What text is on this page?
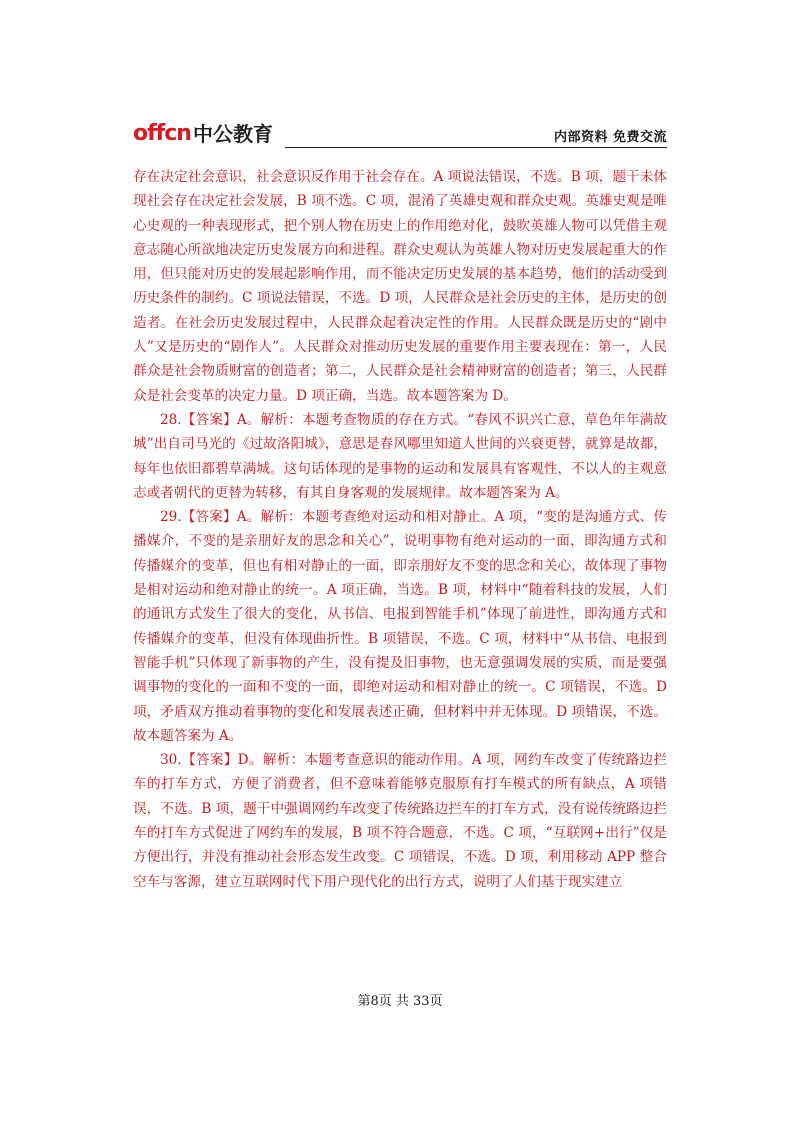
offcn 中公教育	内部资料 免费交流

存在决定社会意识，社会意识反作用于社会存在。A 项说法错误，不选。B 项，题干未体现社会存在决定社会发展，B 项不选。C 项，混淆了英雄史观和群众史观。英雄史观是唯心史观的一种表现形式，把个别人物在历史上的作用绝对化，鼓吹英雄人物可以凭借主观意志随心所欲地决定历史发展方向和进程。群众史观认为英雄人物对历史发展起重大的作用，但只能对历史的发展起影响作用，而不能决定历史发展的基本趋势，他们的活动受到历史条件的制约。C 项说法错误，不选。D 项，人民群众是社会历史的主体，是历史的创造者。在社会历史发展过程中，人民群众起着决定性的作用。人民群众既是历史的“剧中人”又是历史的“剧作人”。人民群众对推动历史发展的重要作用主要表现在：第一，人民群众是社会物质财富的创造者；第二，人民群众是社会精神财富的创造者；第三，人民群众是社会变革的决定力量。D 项正确，当选。故本题答案为 D。

28.【答案】A。解析：本题考查物质的存在方式。“春风不识兴亡意，草色年年满故城”出自司马光的《过故洛阳城》，意思是春风哪里知道人世间的兴衰更替，就算是故都，每年也依旧都碧草满城。这句话体现的是事物的运动和发展具有客观性，不以人的主观意志或者朝代的更替为转移，有其自身客观的发展规律。故本题答案为 A。

29.【答案】A。解析：本题考查绝对运动和相对静止。A 项，“变的是沟通方式、传播媒介，不变的是亲朋好友的思念和关心”，说明事物有绝对运动的一面，即沟通方式和传播媒介的变革，但也有相对静止的一面，即亲朋好友不变的思念和关心，故体现了事物是相对运动和绝对静止的统一。A 项正确，当选。B 项，材料中“随着科技的发展，人们的通讯方式发生了很大的变化，从书信、电报到智能手机”体现了前进性，即沟通方式和传播媒介的变革，但没有体现曲折性。B 项错误，不选。C 项，材料中“从书信、电报到智能手机”只体现了新事物的产生，没有提及旧事物，也无意强调发展的实质，而是要强调事物的变化的一面和不变的一面，即绝对运动和相对静止的统一。C 项错误，不选。D 项，矛盾双方推动着事物的变化和发展表述正确，但材料中并无体现。D 项错误，不选。故本题答案为 A。

30.【答案】D。解析：本题考查意识的能动作用。A 项，网约车改变了传统路边拦车的打车方式，方便了消费者，但不意味着能够克服原有打车模式的所有缺点，A 项错误，不选。B 项，题干中强调网约车改变了传统路边拦车的打车方式，没有说传统路边拦车的打车方式促进了网约车的发展，B 项不符合题意，不选。C 项，“互联网+出行”仅是方便出行，并没有推动社会形态发生改变。C 项错误，不选。D 项，利用移动 APP 整合空车与客源，建立互联网时代下用户现代化的出行方式，说明了人们基于现实建立

第8页 共 33页
